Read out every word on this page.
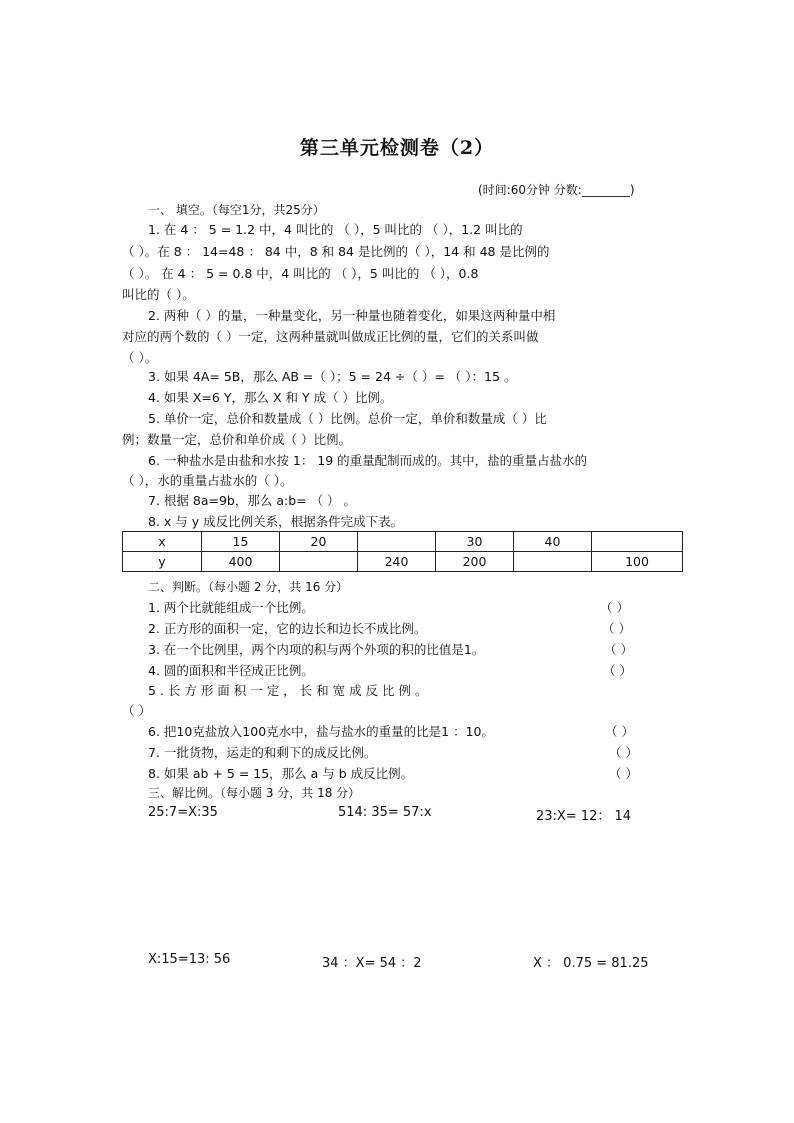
第三单元检测卷（2）
(时间:60分钟 分数:________)
一、 填空。（每空1分，共25分）
1. 在 4 ： 5 = 1.2 中，4 叫比的 （ ），5 叫比的 （ ），1.2 叫比的
（ ）。在 8 ： 14=48 ： 84 中，8 和 84 是比例的（ ），14 和 48 是比例的
（ ）。 在 4 ： 5 = 0.8 中，4 叫比的 （ ），5 叫比的 （ ），0.8
叫比的（ ）。
2. 两种（ ）的量，一种量变化，另一种量也随着变化，如果这两种量中相
对应的两个数的（ ）一定，这两种量就叫做成正比例的量，它们的关系叫做
（ ）。
3. 如果 4A= 5B，那么 AB =（ ）；5 = 24 ÷（ ）= （ ）：15 。
4. 如果 X=6 Y，那么 X 和 Y 成（ ）比例。
5. 单价一定，总价和数量成（ ）比例。总价一定，单价和数量成（ ）比
例；数量一定，总价和单价成（ ）比例。
6. 一种盐水是由盐和水按 1： 19 的重量配制而成的。其中，盐的重量占盐水的
（ ），水的重量占盐水的（ ）。
7. 根据 8a=9b，那么 a:b= （ ） 。
8. x 与 y 成反比例关系，根据条件完成下表。
x	15	20		30	40	
y	400		240	200		100
二、判断。（每小题 2 分，共 16 分）
1. 两个比就能组成一个比例。	（ ）
2. 正方形的面积一定，它的边长和边长不成比例。	（ ）
3. 在一个比例里，两个内项的积与两个外项的积的比值是1。	（ ）
4. 圆的面积和半径成正比例。	（ ）
5 . 长 方 形 面 积 一 定 ， 长 和 宽 成 反 比 例 。
（ ）
6. 把10克盐放入100克水中，盐与盐水的重量的比是1 ：10。	（ ）
7. 一批货物，运走的和剩下的成反比例。	（ ）
8. 如果 ab + 5 = 15，那么 a 与 b 成反比例。	（ ）
三、解比例。（每小题 3 分，共 18 分）
25:7=X:35	514: 35= 57:x	23:X= 12： 14
X:15=13: 56	34 ：X= 54 ：2	X ： 0.75 = 81.25
